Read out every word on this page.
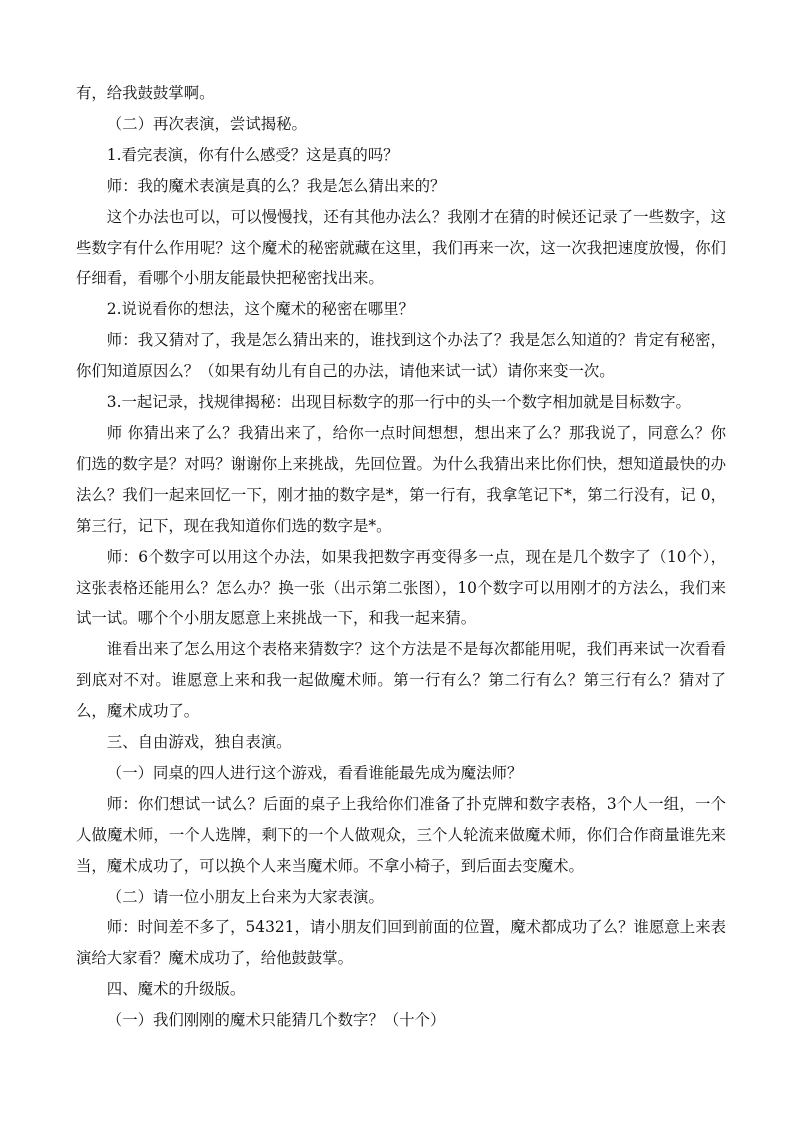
有，给我鼓鼓掌啊。

（二）再次表演，尝试揭秘。

1.看完表演，你有什么感受？这是真的吗？

师：我的魔术表演是真的么？我是怎么猜出来的？

这个办法也可以，可以慢慢找，还有其他办法么？我刚才在猜的时候还记录了一些数字，这些数字有什么作用呢？这个魔术的秘密就藏在这里，我们再来一次，这一次我把速度放慢，你们仔细看，看哪个小朋友能最快把秘密找出来。

2.说说看你的想法，这个魔术的秘密在哪里？

师：我又猜对了，我是怎么猜出来的，谁找到这个办法了？我是怎么知道的？肯定有秘密，你们知道原因么？（如果有幼儿有自己的办法，请他来试一试）请你来变一次。

3.一起记录，找规律揭秘：出现目标数字的那一行中的头一个数字相加就是目标数字。

师 你猜出来了么？我猜出来了，给你一点时间想想，想出来了么？那我说了，同意么？你们选的数字是？对吗？谢谢你上来挑战，先回位置。为什么我猜出来比你们快，想知道最快的办法么？我们一起来回忆一下，刚才抽的数字是*，第一行有，我拿笔记下*，第二行没有，记 0，第三行，记下，现在我知道你们选的数字是*。

师：6个数字可以用这个办法，如果我把数字再变得多一点，现在是几个数字了（10个），这张表格还能用么？怎么办？换一张（出示第二张图），10个数字可以用刚才的方法么，我们来试一试。哪个个小朋友愿意上来挑战一下，和我一起来猜。

谁看出来了怎么用这个表格来猜数字？这个方法是不是每次都能用呢，我们再来试一次看看到底对不对。谁愿意上来和我一起做魔术师。第一行有么？第二行有么？第三行有么？猜对了么，魔术成功了。

三、自由游戏，独自表演。

（一）同桌的四人进行这个游戏，看看谁能最先成为魔法师？

师：你们想试一试么？后面的桌子上我给你们准备了扑克牌和数字表格，3个人一组，一个人做魔术师，一个人选牌，剩下的一个人做观众，三个人轮流来做魔术师，你们合作商量谁先来当，魔术成功了，可以换个人来当魔术师。不拿小椅子，到后面去变魔术。

（二）请一位小朋友上台来为大家表演。

师：时间差不多了，54321，请小朋友们回到前面的位置，魔术都成功了么？谁愿意上来表演给大家看？魔术成功了，给他鼓鼓掌。

四、魔术的升级版。

（一）我们刚刚的魔术只能猜几个数字？（十个）
